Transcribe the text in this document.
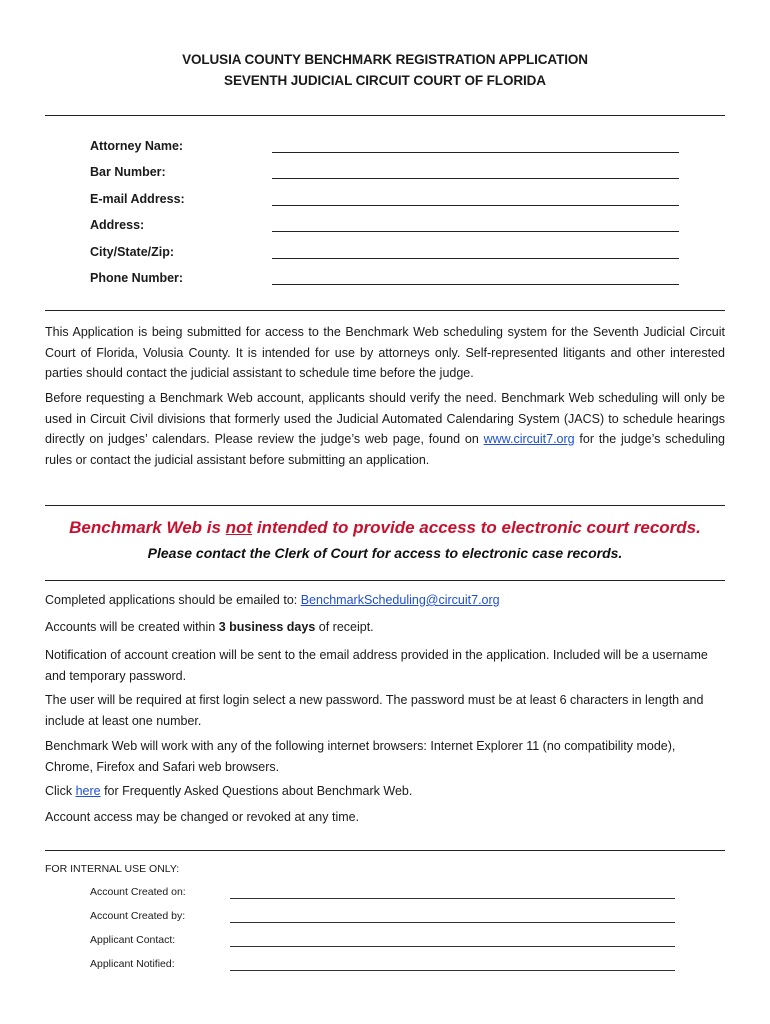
VOLUSIA COUNTY BENCHMARK REGISTRATION APPLICATION
SEVENTH JUDICIAL CIRCUIT COURT OF FLORIDA
Attorney Name:
Bar Number:
E-mail Address:
Address:
City/State/Zip:
Phone Number:
This Application is being submitted for access to the Benchmark Web scheduling system for the Seventh Judicial Circuit Court of Florida, Volusia County. It is intended for use by attorneys only. Self-represented litigants and other interested parties should contact the judicial assistant to schedule time before the judge.
Before requesting a Benchmark Web account, applicants should verify the need. Benchmark Web scheduling will only be used in Circuit Civil divisions that formerly used the Judicial Automated Calendaring System (JACS) to schedule hearings directly on judges’ calendars. Please review the judge’s web page, found on www.circuit7.org for the judge’s scheduling rules or contact the judicial assistant before submitting an application.
Benchmark Web is not intended to provide access to electronic court records.
Please contact the Clerk of Court for access to electronic case records.
Completed applications should be emailed to: BenchmarkScheduling@circuit7.org
Accounts will be created within 3 business days of receipt.
Notification of account creation will be sent to the email address provided in the application. Included will be a username and temporary password.
The user will be required at first login select a new password. The password must be at least 6 characters in length and include at least one number.
Benchmark Web will work with any of the following internet browsers: Internet Explorer 11 (no compatibility mode), Chrome, Firefox and Safari web browsers.
Click here for Frequently Asked Questions about Benchmark Web.
Account access may be changed or revoked at any time.
FOR INTERNAL USE ONLY:
Account Created on:
Account Created by:
Applicant Contact:
Applicant Notified:
